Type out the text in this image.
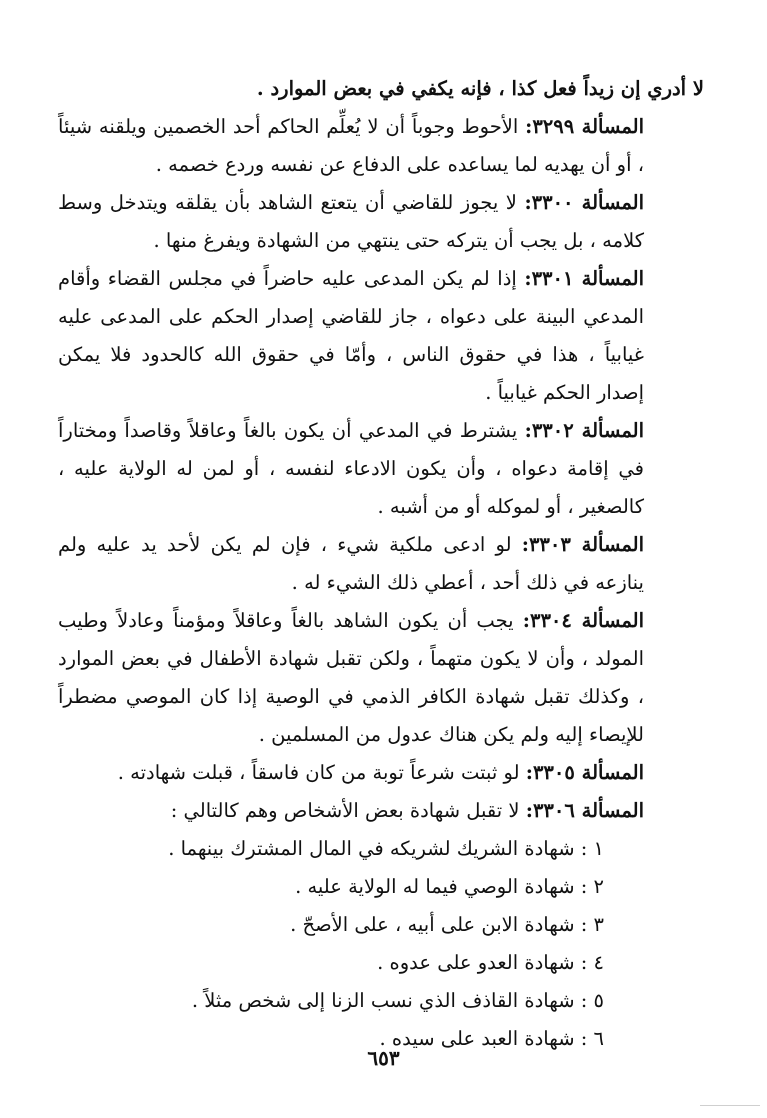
لا أدري إن زيداً فعل كذا ، فإنه يكفي في بعض الموارد .

المسألة ٣٢٩٩: الأحوط وجوباً أن لا يُعلِّم الحاكم أحد الخصمين ويلقنه شيئاً ، أو أن يهديه لما يساعده على الدفاع عن نفسه وردع خصمه .

المسألة ٣٣٠٠: لا يجوز للقاضي أن يتعتع الشاهد بأن يقلقه ويتدخل وسط كلامه ، بل يجب أن يتركه حتى ينتهي من الشهادة ويفرغ منها .

المسألة ٣٣٠١: إذا لم يكن المدعى عليه حاضراً في مجلس القضاء وأقام المدعي البينة على دعواه ، جاز للقاضي إصدار الحكم على المدعى عليه غيابياً ، هذا في حقوق الناس ، وأمّا في حقوق الله كالحدود فلا يمكن إصدار الحكم غيابياً .

المسألة ٣٣٠٢: يشترط في المدعي أن يكون بالغاً وعاقلاً وقاصداً ومختاراً في إقامة دعواه ، وأن يكون الادعاء لنفسه ، أو لمن له الولاية عليه ، كالصغير ، أو لموكله أو من أشبه .

المسألة ٣٣٠٣: لو ادعى ملكية شيء ، فإن لم يكن لأحد يد عليه ولم ينازعه في ذلك أحد ، أعطي ذلك الشيء له .

المسألة ٣٣٠٤: يجب أن يكون الشاهد بالغاً وعاقلاً ومؤمناً وعادلاً وطيب المولد ، وأن لا يكون متهماً ، ولكن تقبل شهادة الأطفال في بعض الموارد ، وكذلك تقبل شهادة الكافر الذمي في الوصية إذا كان الموصي مضطراً للإيصاء إليه ولم يكن هناك عدول من المسلمين .

المسألة ٣٣٠٥: لو ثبتت شرعاً توبة من كان فاسقاً ، قبلت شهادته .

المسألة ٣٣٠٦: لا تقبل شهادة بعض الأشخاص وهم كالتالي :

١ : شهادة الشريك لشريكه في المال المشترك بينهما .
٢ : شهادة الوصي فيما له الولاية عليه .
٣ : شهادة الابن على أبيه ، على الأصحّ .
٤ : شهادة العدو على عدوه .
٥ : شهادة القاذف الذي نسب الزنا إلى شخص مثلاً .
٦ : شهادة العبد على سيده .
٦٥٣
